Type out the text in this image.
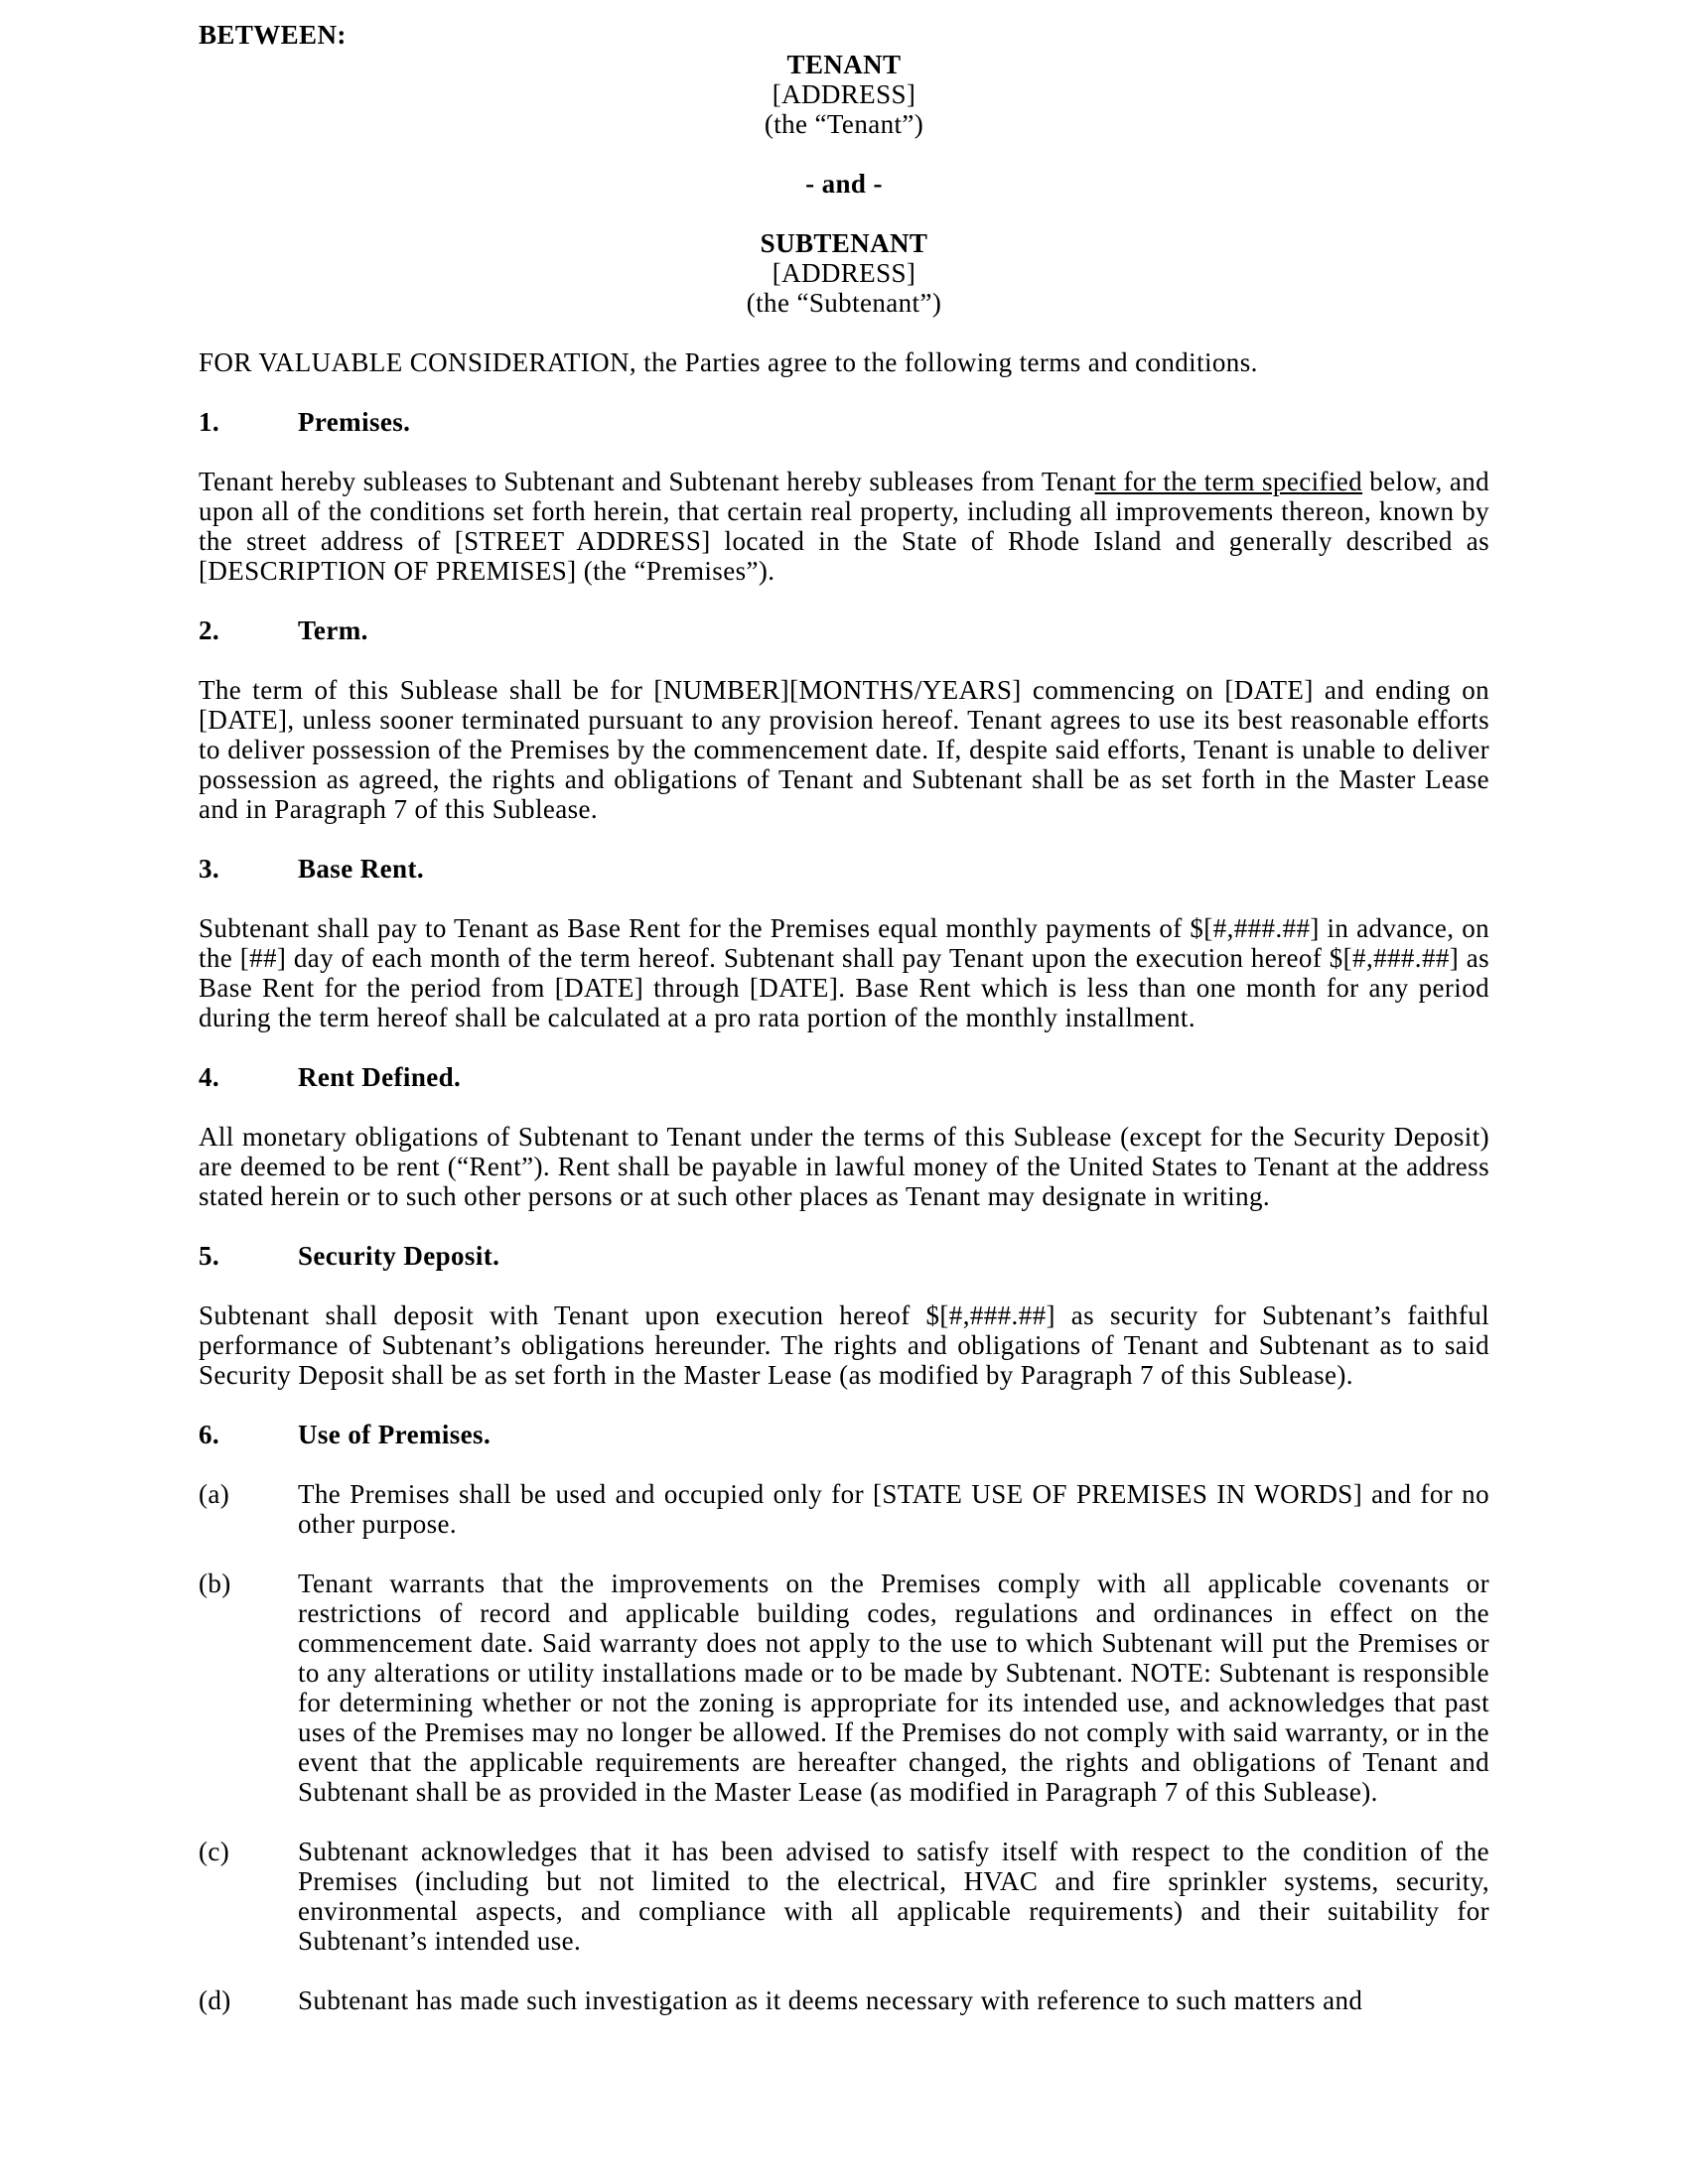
BETWEEN:
TENANT
[ADDRESS]
(the “Tenant”)
- and -
SUBTENANT
[ADDRESS]
(the “Subtenant”)

FOR VALUABLE CONSIDERATION, the Parties agree to the following terms and conditions.

1.	Premises.

Tenant hereby subleases to Subtenant and Subtenant hereby subleases from Tenant for the term specified below, and upon all of the conditions set forth herein, that certain real property, including all improvements thereon, known by the street address of [STREET ADDRESS] located in the State of Rhode Island and generally described as [DESCRIPTION OF PREMISES] (the “Premises”).

2.	Term.

The term of this Sublease shall be for [NUMBER][MONTHS/YEARS] commencing on [DATE] and ending on [DATE], unless sooner terminated pursuant to any provision hereof. Tenant agrees to use its best reasonable efforts to deliver possession of the Premises by the commencement date. If, despite said efforts, Tenant is unable to deliver possession as agreed, the rights and obligations of Tenant and Subtenant shall be as set forth in the Master Lease and in Paragraph 7 of this Sublease.

3.	Base Rent.

Subtenant shall pay to Tenant as Base Rent for the Premises equal monthly payments of $[#,###.##] in advance, on the [##] day of each month of the term hereof. Subtenant shall pay Tenant upon the execution hereof $[#,###.##] as Base Rent for the period from [DATE] through [DATE]. Base Rent which is less than one month for any period during the term hereof shall be calculated at a pro rata portion of the monthly installment.

4.	Rent Defined.

All monetary obligations of Subtenant to Tenant under the terms of this Sublease (except for the Security Deposit) are deemed to be rent (“Rent”). Rent shall be payable in lawful money of the United States to Tenant at the address stated herein or to such other persons or at such other places as Tenant may designate in writing.

5.	Security Deposit.

Subtenant shall deposit with Tenant upon execution hereof $[#,###.##] as security for Subtenant’s faithful performance of Subtenant’s obligations hereunder. The rights and obligations of Tenant and Subtenant as to said Security Deposit shall be as set forth in the Master Lease (as modified by Paragraph 7 of this Sublease).

6.	Use of Premises.
(a)	The Premises shall be used and occupied only for [STATE USE OF PREMISES IN WORDS] and for no other purpose.
(b) Tenant warrants that the improvements on the Premises comply with all applicable covenants or restrictions of record and applicable building codes, regulations and ordinances in effect on the commencement date. Said warranty does not apply to the use to which Subtenant will put the Premises or to any alterations or utility installations made or to be made by Subtenant. NOTE: Subtenant is responsible for determining whether or not the zoning is appropriate for its intended use, and acknowledges that past uses of the Premises may no longer be allowed. If the Premises do not comply with said warranty, or in the event that the applicable requirements are hereafter changed, the rights and obligations of Tenant and Subtenant shall be as provided in the Master Lease (as modified in Paragraph 7 of this Sublease).
(c)	Subtenant acknowledges that it has been advised to satisfy itself with respect to the condition of the Premises (including but not limited to the electrical, HVAC and fire sprinkler systems, security, environmental aspects, and compliance with all applicable requirements) and their suitability for Subtenant’s intended use.
(d) Subtenant has made such investigation as it deems necessary with reference to such matters and
